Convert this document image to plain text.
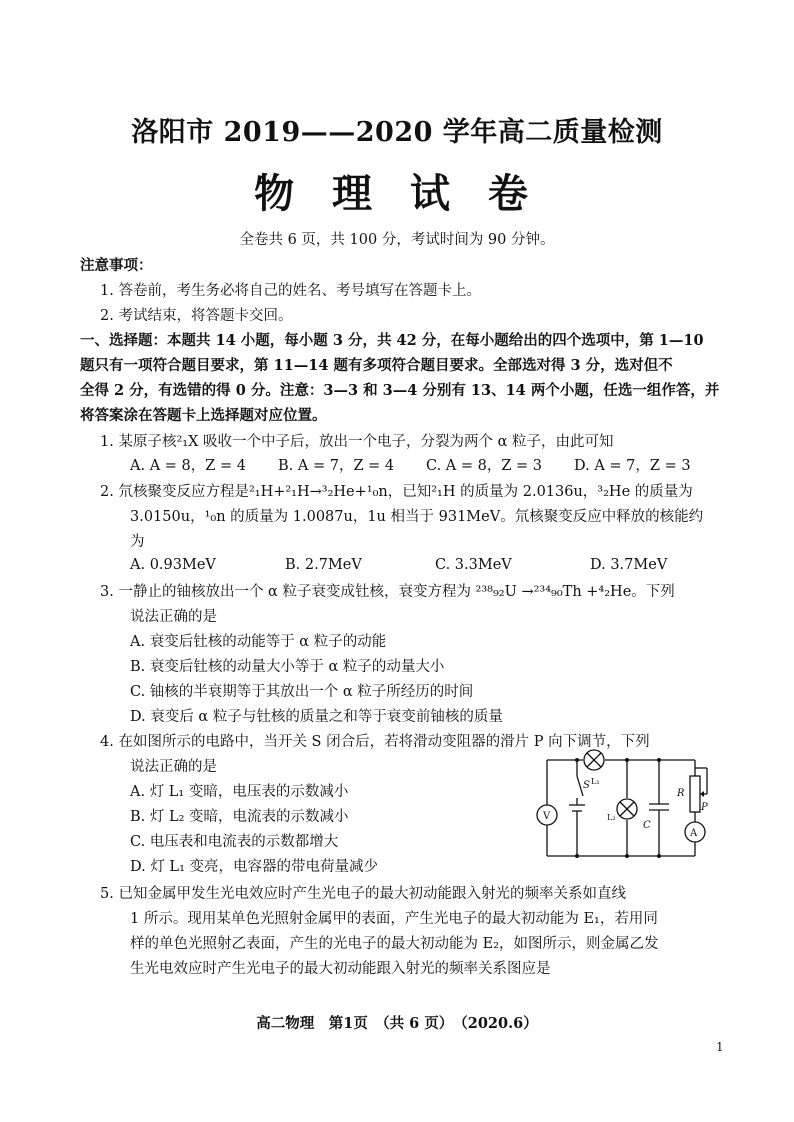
洛阳市 2019——2020 学年高二质量检测
物 理 试 卷
全卷共 6 页，共 100 分，考试时间为 90 分钟。
注意事项：
1. 答卷前，考生务必将自己的姓名、考号填写在答题卡上。
2. 考试结束，将答题卡交回。
一、选择题：本题共 14 小题，每小题 3 分，共 42 分，在每小题给出的四个选项中，第 1—10
题只有一项符合题目要求，第 11—14 题有多项符合题目要求。全部选对得 3 分，选对但不
全得 2 分，有选错的得 0 分。注意：3—3 和 3—4 分别有 13、14 两个小题，任选一组作答，并
将答案涂在答题卡上选择题对应位置。
1. 某原子核²₁X 吸收一个中子后，放出一个电子，分裂为两个 α 粒子，由此可知
A. A = 8，Z = 4	B. A = 7，Z = 4	C. A = 8，Z = 3	D. A = 7，Z = 3
2. 氘核聚变反应方程是²₁H+²₁H→³₂He+¹₀n，已知²₁H 的质量为 2.0136u，³₂He 的质量为
3.0150u，¹₀n 的质量为 1.0087u，1u 相当于 931MeV。氘核聚变反应中释放的核能约
为
A. 0.93MeV	B. 2.7MeV	C. 3.3MeV	D. 3.7MeV
3. 一静止的铀核放出一个 α 粒子衰变成钍核，衰变方程为 ²³⁸₉₂U →²³⁴₉₀Th +⁴₂He。下列
说法正确的是
A. 衰变后钍核的动能等于 α 粒子的动能
B. 衰变后钍核的动量大小等于 α 粒子的动量大小
C. 铀核的半衰期等于其放出一个 α 粒子所经历的时间
D. 衰变后 α 粒子与钍核的质量之和等于衰变前铀核的质量
4. 在如图所示的电路中，当开关 S 闭合后，若将滑动变阻器的滑片 P 向下调节，下列
说法正确的是
A. 灯 L₁ 变暗，电压表的示数减小
B. 灯 L₂ 变暗，电流表的示数减小
C. 电压表和电流表的示数都增大
D. 灯 L₁ 变亮，电容器的带电荷量减少
V
A
S L₁
L₂
C
R
P
5. 已知金属甲发生光电效应时产生光电子的最大初动能跟入射光的频率关系如直线
1 所示。现用某单色光照射金属甲的表面，产生光电子的最大初动能为 E₁，若用同
样的单色光照射乙表面，产生的光电子的最大初动能为 E₂，如图所示，则金属乙发
生光电效应时产生光电子的最大初动能跟入射光的频率关系图应是
高二物理　第1页　（共 6 页）　（2020.6）
1
